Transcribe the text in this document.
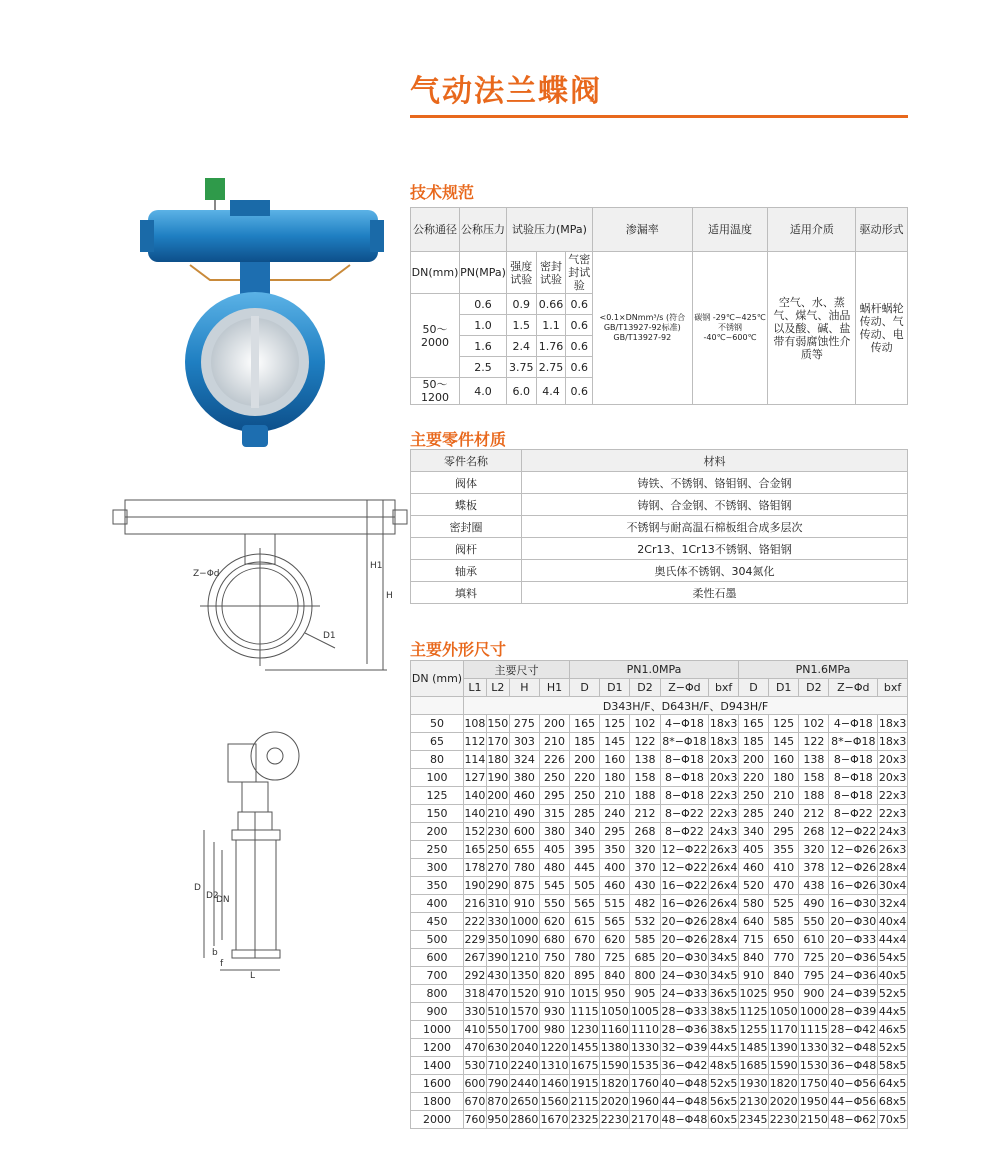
气动法兰蝶阀
Z−Φd
H1
H
D1
D
D2
DN
b
f
L
技术规范
公称通径	公称压力	试验压力(MPa)			渗漏率	适用温度	适用介质	驱动形式
DN(mm)	PN(MPa)	强度试验	密封试验	气密封试验	<0.1×DNmm³/s (符合GB/T13927-92标准) GB/T13927-92	碳钢 -29℃~425℃ 不锈钢 -40℃~600℃	空气、水、蒸气、煤气、油品以及酸、碱、盐带有弱腐蚀性介质等	蜗杆蜗轮传动、气传动、电传动
50～2000	0.6	0.9	0.66	0.6				
	1.0	1.5	1.1	0.6				
	1.6	2.4	1.76	0.6				
	2.5	3.75	2.75	0.6				
50～1200	4.0	6.0	4.4	0.6				
主要零件材质
零件名称	材料
阀体	铸铁、不锈钢、铬钼钢、合金钢
蝶板	铸钢、合金钢、不锈钢、铬钼钢
密封圈	不锈钢与耐高温石棉板组合成多层次
阀杆	2Cr13、1Cr13不锈钢、铬钼钢
轴承	奥氏体不锈钢、304氮化
填料	柔性石墨
主要外形尺寸
DN (mm)	主要尺寸				PN1.0MPa					PN1.6MPa				
	L1	L2	H	H1	D	D1	D2	Z−Φd	bxf	D	D1	D2	Z−Φd	bxf
	D343H/F、D643H/F、D943H/F													
50	108	150	275	200	165	125	102	4−Φ18	18x3	165	125	102	4−Φ18	18x3
65	112	170	303	210	185	145	122	8*−Φ18	18x3	185	145	122	8*−Φ18	18x3
80	114	180	324	226	200	160	138	8−Φ18	20x3	200	160	138	8−Φ18	20x3
100	127	190	380	250	220	180	158	8−Φ18	20x3	220	180	158	8−Φ18	20x3
125	140	200	460	295	250	210	188	8−Φ18	22x3	250	210	188	8−Φ18	22x3
150	140	210	490	315	285	240	212	8−Φ22	22x3	285	240	212	8−Φ22	22x3
200	152	230	600	380	340	295	268	8−Φ22	24x3	340	295	268	12−Φ22	24x3
250	165	250	655	405	395	350	320	12−Φ22	26x3	405	355	320	12−Φ26	26x3
300	178	270	780	480	445	400	370	12−Φ22	26x4	460	410	378	12−Φ26	28x4
350	190	290	875	545	505	460	430	16−Φ22	26x4	520	470	438	16−Φ26	30x4
400	216	310	910	550	565	515	482	16−Φ26	26x4	580	525	490	16−Φ30	32x4
450	222	330	1000	620	615	565	532	20−Φ26	28x4	640	585	550	20−Φ30	40x4
500	229	350	1090	680	670	620	585	20−Φ26	28x4	715	650	610	20−Φ33	44x4
600	267	390	1210	750	780	725	685	20−Φ30	34x5	840	770	725	20−Φ36	54x5
700	292	430	1350	820	895	840	800	24−Φ30	34x5	910	840	795	24−Φ36	40x5
800	318	470	1520	910	1015	950	905	24−Φ33	36x5	1025	950	900	24−Φ39	52x5
900	330	510	1570	930	1115	1050	1005	28−Φ33	38x5	1125	1050	1000	28−Φ39	44x5
1000	410	550	1700	980	1230	1160	1110	28−Φ36	38x5	1255	1170	1115	28−Φ42	46x5
1200	470	630	2040	1220	1455	1380	1330	32−Φ39	44x5	1485	1390	1330	32−Φ48	52x5
1400	530	710	2240	1310	1675	1590	1535	36−Φ42	48x5	1685	1590	1530	36−Φ48	58x5
1600	600	790	2440	1460	1915	1820	1760	40−Φ48	52x5	1930	1820	1750	40−Φ56	64x5
1800	670	870	2650	1560	2115	2020	1960	44−Φ48	56x5	2130	2020	1950	44−Φ56	68x5
2000	760	950	2860	1670	2325	2230	2170	48−Φ48	60x5	2345	2230	2150	48−Φ62	70x5
